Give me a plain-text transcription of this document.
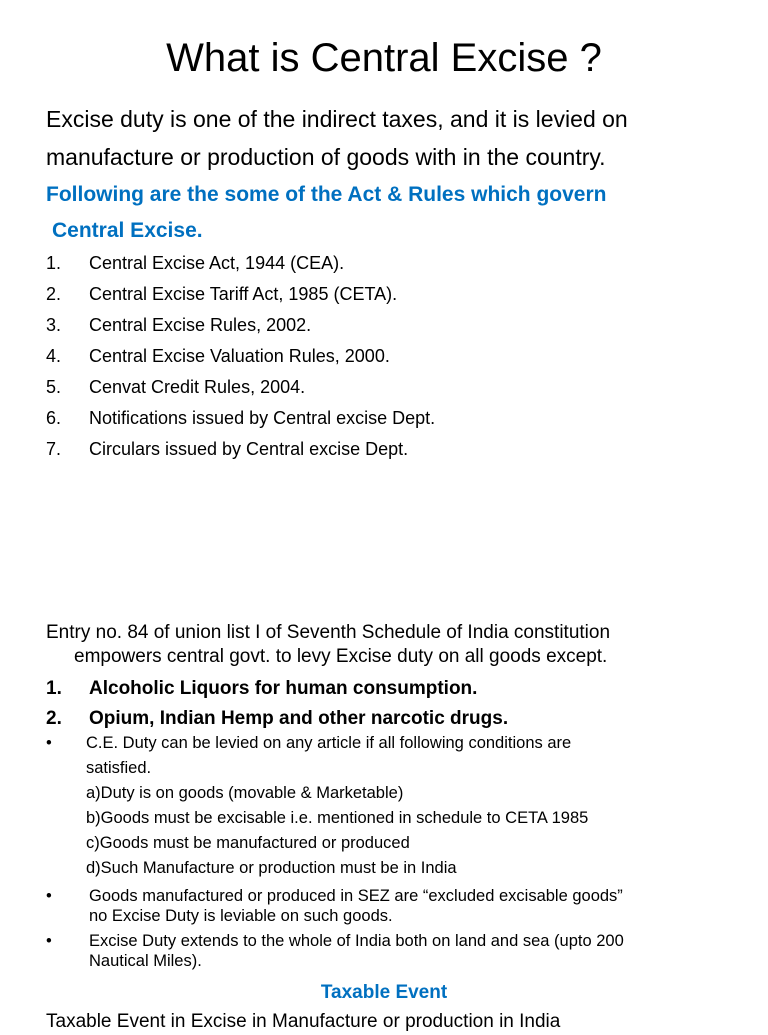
What is Central Excise ?
Excise duty is one of the indirect taxes, and it is levied on
manufacture or production of goods with in the country.
Following are the some of the Act & Rules which govern
Central Excise.
1. Central Excise Act, 1944 (CEA).
2. Central Excise Tariff Act, 1985 (CETA).
3. Central Excise Rules, 2002.
4. Central Excise Valuation Rules, 2000.
5. Cenvat Credit Rules, 2004.
6. Notifications issued by Central excise Dept.
7. Circulars issued by Central excise Dept.
Entry no. 84 of union list I of Seventh Schedule of India constitution
empowers central govt. to levy Excise duty on all goods except.
1. Alcoholic Liquors for human consumption.
2. Opium, Indian Hemp and other narcotic drugs.
• C.E. Duty can be levied on any article if all following conditions are
satisfied.
a)Duty is on goods (movable & Marketable)
b)Goods must be excisable i.e. mentioned in schedule to CETA 1985
c)Goods must be manufactured or produced
d)Such Manufacture or production must be in India
• Goods manufactured or produced in SEZ are “excluded excisable goods”
no Excise Duty is leviable on such goods.
• Excise Duty extends to the whole of India both on land and sea (upto 200
Nautical Miles).
Taxable Event
Taxable Event in Excise in Manufacture or production in India
